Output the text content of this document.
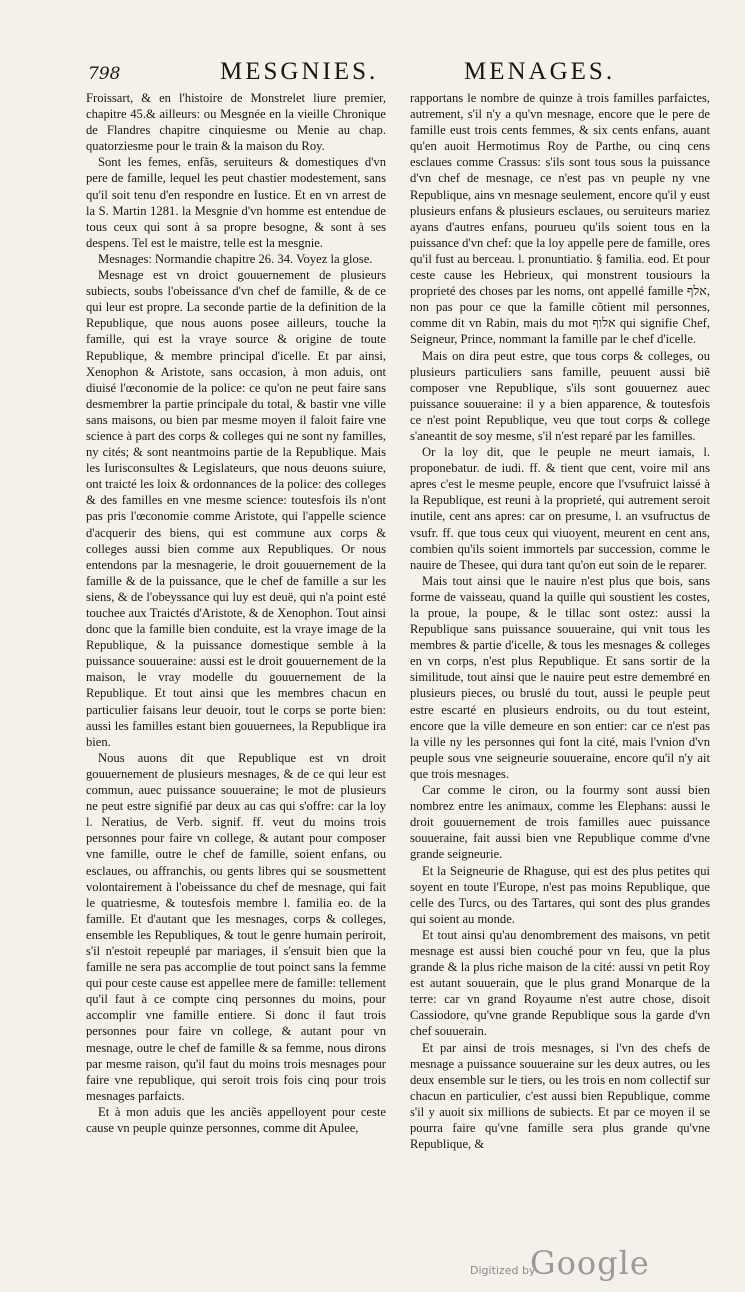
798	MESGNIES.	MENAGES.

Froissart, & en l'histoire de Monstrelet liure premier, chapitre 45.& ailleurs: ou Mesgnée en la vieille Chronique de Flandres chapitre cinquiesme ou Menie au chap. quatorziesme pour le train & la maison du Roy.

Sont les femes, enfãs, seruiteurs & domestiques d'vn pere de famille, lequel les peut chastier modestement, sans qu'il soit tenu d'en respondre en Iustice. Et en vn arrest de la S. Martin 1281. la Mesgnie d'vn homme est entendue de tous ceux qui sont à sa propre besogne, & sont à ses despens. Tel est le maistre, telle est la mesgnie.

Mesnages: Normandie chapitre 26. 34. Voyez la glose.

Mesnage est vn droict gouuernement de plusieurs subiects, soubs l'obeissance d'vn chef de famille, & de ce qui leur est propre. La seconde partie de la definition de la Republique, que nous auons posee ailleurs, touche la famille, qui est la vraye source & origine de toute Republique, & membre principal d'icelle. Et par ainsi, Xenophon & Aristote, sans occasion, à mon aduis, ont diuisé l'œconomie de la police: ce qu'on ne peut faire sans desmembrer la partie principale du total, & bastir vne ville sans maisons, ou bien par mesme moyen il faloit faire vne science à part des corps & colleges qui ne sont ny familles, ny cités; & sont neantmoins partie de la Republique. Mais les Iurisconsultes & Legislateurs, que nous deuons suiure, ont traicté les loix & ordonnances de la police: des colleges & des familles en vne mesme science: toutesfois ils n'ont pas pris l'œconomie comme Aristote, qui l'appelle science d'acquerir des biens, qui est commune aux corps & colleges aussi bien comme aux Republiques. Or nous entendons par la mesnagerie, le droit gouuernement de la famille & de la puissance, que le chef de famille a sur les siens, & de l'obeyssance qui luy est deuë, qui n'a point esté touchee aux Traictés d'Aristote, & de Xenophon. Tout ainsi donc que la famille bien conduite, est la vraye image de la Republique, & la puissance domestique semble à la puissance souueraine: aussi est le droit gouuernement de la maison, le vray modelle du gouuernement de la Republique. Et tout ainsi que les membres chacun en particulier faisans leur deuoir, tout le corps se porte bien: aussi les familles estant bien gouuernees, la Republique ira bien.

Nous auons dit que Republique est vn droit gouuernement de plusieurs mesnages, & de ce qui leur est commun, auec puissance souueraine; le mot de plusieurs ne peut estre signifié par deux au cas qui s'offre: car la loy l. Neratius, de Verb. signif. ff. veut du moins trois personnes pour faire vn college, & autant pour composer vne famille, outre le chef de famille, soient enfans, ou esclaues, ou affranchis, ou gents libres qui se sousmettent volontairement à l'obeissance du chef de mesnage, qui fait le quatriesme, & toutesfois membre l. familia eo. de la famille. Et d'autant que les mesnages, corps & colleges, ensemble les Republiques, & tout le genre humain periroit, s'il n'estoit repeuplé par mariages, il s'ensuit bien que la famille ne sera pas accomplie de tout poinct sans la femme qui pour ceste cause est appellee mere de famille: tellement qu'il faut à ce compte cinq personnes du moins, pour accomplir vne famille entiere. Si donc il faut trois personnes pour faire vn college, & autant pour vn mesnage, outre le chef de famille & sa femme, nous dirons par mesme raison, qu'il faut du moins trois mesnages pour faire vne republique, qui seroit trois fois cinq pour trois mesnages parfaicts.

Et à mon aduis que les anciẽs appelloyent pour ceste cause vn peuple quinze personnes, comme dit Apulee,

rapportans le nombre de quinze à trois familles parfaictes, autrement, s'il n'y a qu'vn mesnage, encore que le pere de famille eust trois cents femmes, & six cents enfans, auant qu'en auoit Hermotimus Roy de Parthe, ou cinq cens esclaues comme Crassus: s'ils sont tous sous la puissance d'vn chef de mesnage, ce n'est pas vn peuple ny vne Republique, ains vn mesnage seulement, encore qu'il y eust plusieurs enfans & plusieurs esclaues, ou seruiteurs mariez ayans d'autres enfans, pourueu qu'ils soient tous en la puissance d'vn chef: que la loy appelle pere de famille, ores qu'il fust au berceau. l. pronuntiatio. § familia. eod. Et pour ceste cause les Hebrieux, qui monstrent tousiours la proprieté des choses par les noms, ont appellé famille אלף, non pas pour ce que la famille cõtient mil personnes, comme dit vn Rabin, mais du mot אלוף qui signifie Chef, Seigneur, Prince, nommant la famille par le chef d'icelle.

Mais on dira peut estre, que tous corps & colleges, ou plusieurs particuliers sans famille, peuuent aussi biẽ composer vne Republique, s'ils sont gouuernez auec puissance souueraine: il y a bien apparence, & toutesfois ce n'est point Republique, veu que tout corps & college s'aneantit de soy mesme, s'il n'est reparé par les familles.

Or la loy dit, que le peuple ne meurt iamais, l. proponebatur. de iudi. ff. & tient que cent, voire mil ans apres c'est le mesme peuple, encore que l'vsufruict laissé à la Republique, est reuni à la proprieté, qui autrement seroit inutile, cent ans apres: car on presume, l. an vsufructus de vsufr. ff. que tous ceux qui viuoyent, meurent en cent ans, combien qu'ils soient immortels par succession, comme le nauire de Thesee, qui dura tant qu'on eut soin de le reparer.

Mais tout ainsi que le nauire n'est plus que bois, sans forme de vaisseau, quand la quille qui soustient les costes, la proue, la poupe, & le tillac sont ostez: aussi la Republique sans puissance souueraine, qui vnit tous les membres & partie d'icelle, & tous les mesnages & colleges en vn corps, n'est plus Republique. Et sans sortir de la similitude, tout ainsi que le nauire peut estre demembré en plusieurs pieces, ou bruslé du tout, aussi le peuple peut estre escarté en plusieurs endroits, ou du tout esteint, encore que la ville demeure en son entier: car ce n'est pas la ville ny les personnes qui font la cité, mais l'vnion d'vn peuple sous vne seigneurie souueraine, encore qu'il n'y ait que trois mesnages.

Car comme le ciron, ou la fourmy sont aussi bien nombrez entre les animaux, comme les Elephans: aussi le droit gouuernement de trois familles auec puissance souueraine, fait aussi bien vne Republique comme d'vne grande seigneurie.

Et la Seigneurie de Rhaguse, qui est des plus petites qui soyent en toute l'Europe, n'est pas moins Republique, que celle des Turcs, ou des Tartares, qui sont des plus grandes qui soient au monde.

Et tout ainsi qu'au denombrement des maisons, vn petit mesnage est aussi bien couché pour vn feu, que la plus grande & la plus riche maison de la cité: aussi vn petit Roy est autant souuerain, que le plus grand Monarque de la terre: car vn grand Royaume n'est autre chose, disoit Cassiodore, qu'vne grande Republique sous la garde d'vn chef souuerain.

Et par ainsi de trois mesnages, si l'vn des chefs de mesnage a puissance souueraine sur les deux autres, ou les deux ensemble sur le tiers, ou les trois en nom collectif sur chacun en particulier, c'est aussi bien Republique, comme s'il y auoit six millions de subiects. Et par ce moyen il se pourra faire qu'vne famille sera plus grande qu'vne Republique, &

Digitized by
Google
